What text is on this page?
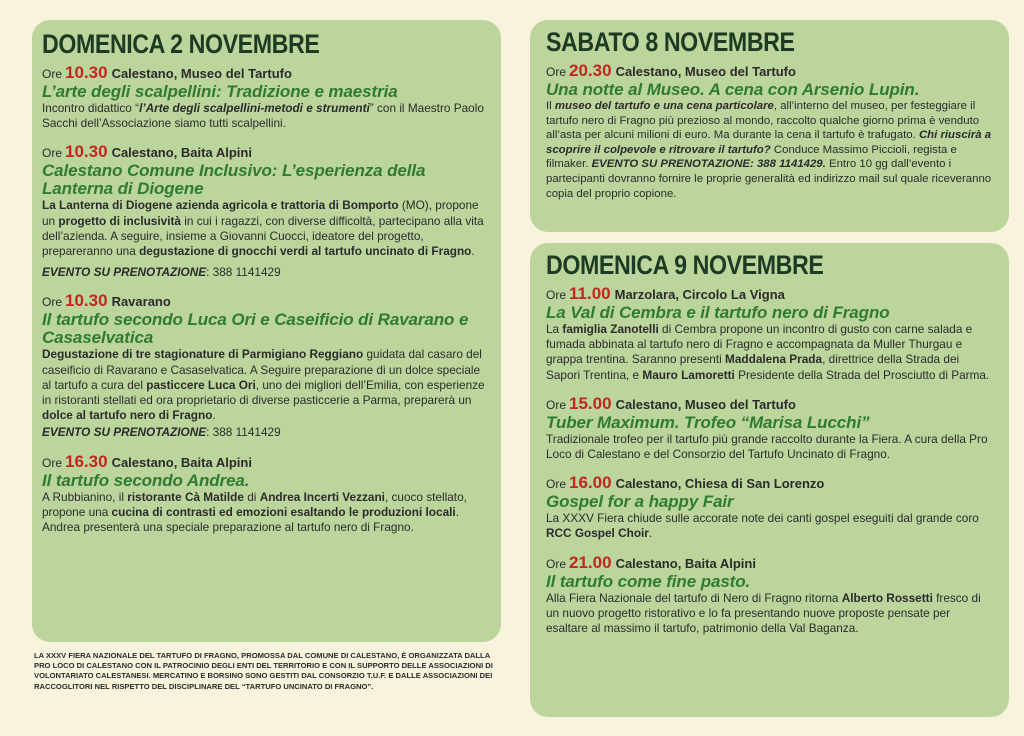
DOMENICA 2 NOVEMBRE
Ore 10.30 Calestano, Museo del Tartufo
L’arte degli scalpellini: Tradizione e maestria
Incontro didattico “l’Arte degli scalpellini-metodi e strumenti” con il Maestro Paolo Sacchi dell’Associazione siamo tutti scalpellini.
Ore 10.30 Calestano, Baita Alpini
Calestano Comune Inclusivo: L’esperienza della Lanterna di Diogene
La Lanterna di Diogene azienda agricola e trattoria di Bomporto (MO), propone un progetto di inclusività in cui i ragazzi, con diverse difficoltà, partecipano alla vita dell’azienda. A seguire, insieme a Giovanni Cuocci, ideatore del progetto, prepareranno una degustazione di gnocchi verdi al tartufo uncinato di Fragno.
EVENTO SU PRENOTAZIONE: 388 1141429
Ore 10.30 Ravarano
Il tartufo secondo Luca Ori e Caseificio di Ravarano e Casaselvatica
Degustazione di tre stagionature di Parmigiano Reggiano guidata dal casaro del caseificio di Ravarano e Casaselvatica. A Seguire preparazione di un dolce speciale al tartufo a cura del pasticcere Luca Ori, uno dei migliori dell’Emilia, con esperienze in ristoranti stellati ed ora proprietario di diverse pasticcerie a Parma, preparerà un dolce al tartufo nero di Fragno.
EVENTO SU PRENOTAZIONE: 388 1141429
Ore 16.30 Calestano, Baita Alpini
Il tartufo secondo Andrea.
A Rubbianino, il ristorante Cà Matilde di Andrea Incerti Vezzani, cuoco stellato, propone una cucina di contrasti ed emozioni esaltando le produzioni locali. Andrea presenterà una speciale preparazione al tartufo nero di Fragno.
SABATO 8 NOVEMBRE
Ore 20.30 Calestano, Museo del Tartufo
Una notte al Museo. A cena con Arsenio Lupin.
Il museo del tartufo e una cena particolare, all’interno del museo, per festeggiare il tartufo nero di Fragno più prezioso al mondo, raccolto qualche giorno prima è venduto all’asta per alcuni milioni di euro. Ma durante la cena il tartufo è trafugato. Chi riuscirà a scoprire il colpevole e ritrovare il tartufo? Conduce Massimo Piccioli, regista e filmaker. EVENTO SU PRENOTAZIONE: 388 1141429. Entro 10 gg dall’evento i partecipanti dovranno fornire le proprie generalità ed indirizzo mail sul quale riceveranno copia del proprio copione.
DOMENICA 9 NOVEMBRE
Ore 11.00 Marzolara, Circolo La Vigna
La Val di Cembra e il tartufo nero di Fragno
La famiglia Zanotelli di Cembra propone un incontro di gusto con carne salada e fumada abbinata al tartufo nero di Fragno e accompagnata da Muller Thurgau e grappa trentina. Saranno presenti Maddalena Prada, direttrice della Strada dei Sapori Trentina, e Mauro Lamoretti Presidente della Strada del Prosciutto di Parma.
Ore 15.00 Calestano, Museo del Tartufo
Tuber Maximum. Trofeo “Marisa Lucchi”
Tradizionale trofeo per il tartufo più grande raccolto durante la Fiera. A cura della Pro Loco di Calestano e del Consorzio del Tartufo Uncinato di Fragno.
Ore 16.00 Calestano, Chiesa di San Lorenzo
Gospel for a happy Fair
La XXXV Fiera chiude sulle accorate note dei canti gospel eseguiti dal grande coro RCC Gospel Choir.
Ore 21.00 Calestano, Baita Alpini
Il tartufo come fine pasto.
Alla Fiera Nazionale del tartufo di Nero di Fragno ritorna Alberto Rossetti fresco di un nuovo progetto ristorativo e lo fa presentando nuove proposte pensate per esaltare al massimo il tartufo, patrimonio della Val Baganza.
LA XXXV FIERA NAZIONALE DEL TARTUFO DI FRAGNO, PROMOSSA DAL COMUNE DI CALESTANO, È ORGANIZZATA DALLA PRO LOCO DI CALESTANO CON IL PATROCINIO DEGLI ENTI DEL TERRITORIO E CON IL SUPPORTO DELLE ASSOCIAZIONI DI VOLONTARIATO CALESTANESI. MERCATINO E BORSINO SONO GESTITI DAL CONSORZIO T.U.F. E DALLE ASSOCIAZIONI DEI RACCOGLITORI NEL RISPETTO DEL DISCIPLINARE DEL “TARTUFO UNCINATO DI FRAGNO”.
